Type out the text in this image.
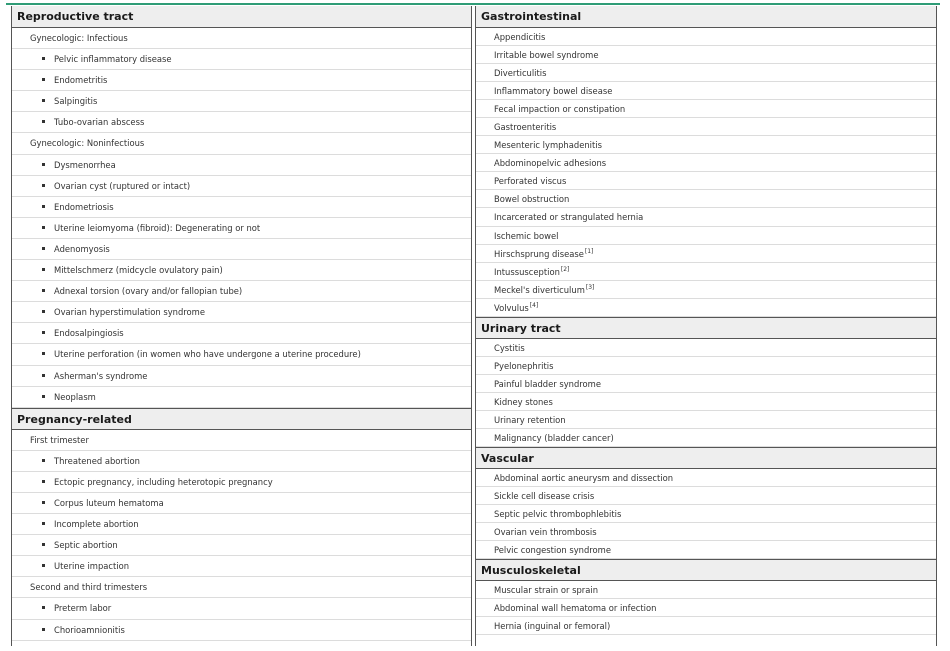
Reproductive tract
Gynecologic: Infectious
Pelvic inflammatory disease
Endometritis
Salpingitis
Tubo-ovarian abscess
Gynecologic: Noninfectious
Dysmenorrhea
Ovarian cyst (ruptured or intact)
Endometriosis
Uterine leiomyoma (fibroid): Degenerating or not
Adenomyosis
Mittelschmerz (midcycle ovulatory pain)
Adnexal torsion (ovary and/or fallopian tube)
Ovarian hyperstimulation syndrome
Endosalpingiosis
Uterine perforation (in women who have undergone a uterine procedure)
Asherman's syndrome
Neoplasm
Pregnancy-related
First trimester
Threatened abortion
Ectopic pregnancy, including heterotopic pregnancy
Corpus luteum hematoma
Incomplete abortion
Septic abortion
Uterine impaction
Second and third trimesters
Preterm labor
Chorioamnionitis
Gastrointestinal
Appendicitis
Irritable bowel syndrome
Diverticulitis
Inflammatory bowel disease
Fecal impaction or constipation
Gastroenteritis
Mesenteric lymphadenitis
Abdominopelvic adhesions
Perforated viscus
Bowel obstruction
Incarcerated or strangulated hernia
Ischemic bowel
Hirschsprung disease[1]
Intussusception[2]
Meckel's diverticulum[3]
Volvulus[4]
Urinary tract
Cystitis
Pyelonephritis
Painful bladder syndrome
Kidney stones
Urinary retention
Malignancy (bladder cancer)
Vascular
Abdominal aortic aneurysm and dissection
Sickle cell disease crisis
Septic pelvic thrombophlebitis
Ovarian vein thrombosis
Pelvic congestion syndrome
Musculoskeletal
Muscular strain or sprain
Abdominal wall hematoma or infection
Hernia (inguinal or femoral)
